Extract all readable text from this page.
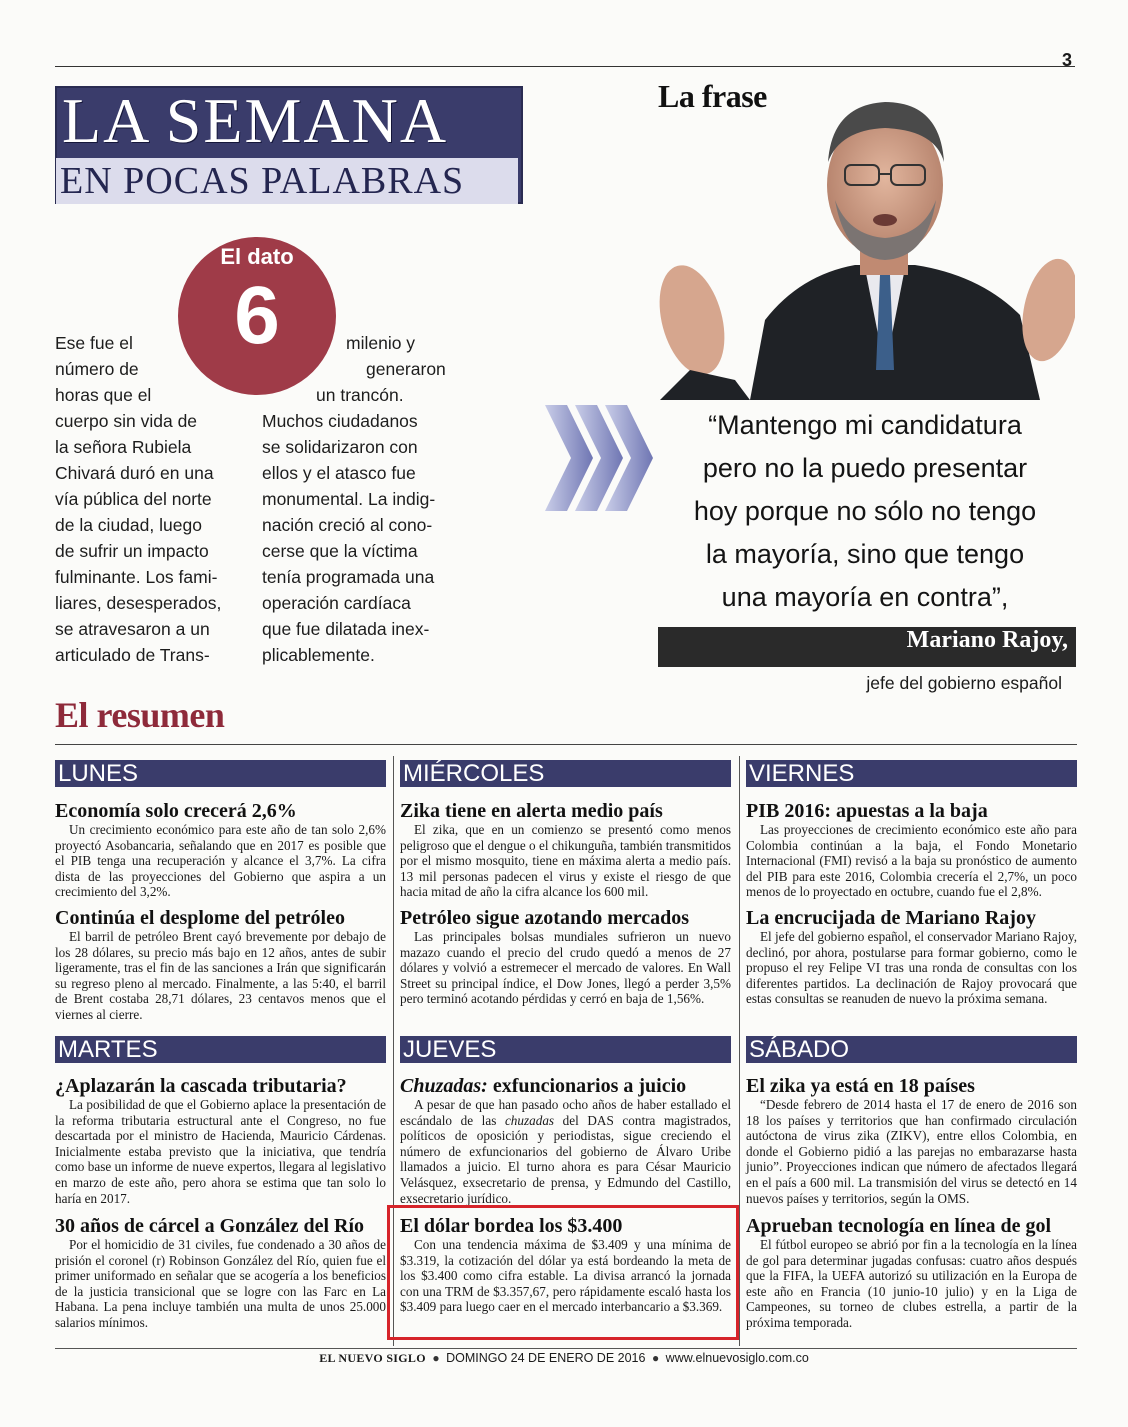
3
LA SEMANA
EN POCAS PALABRAS
El dato
6
Ese fue el
número de
horas que el
cuerpo sin vida de
la señora Rubiela
Chivará duró en una
vía pública del norte
de la ciudad, luego
de sufrir un impacto
fulminante. Los fami-
liares, desesperados,
se atravesaron a un
articulado de Trans-
milenio y
generaron
un trancón.
Muchos ciudadanos
se solidarizaron con
ellos y el atasco fue
monumental. La indig-
nación creció al cono-
cerse que la víctima
tenía programada una
operación cardíaca
que fue dilatada inex-
plicablemente.
La frase
“Mantengo mi candidatura
pero no la puedo presentar
hoy porque no sólo no tengo
la mayoría, sino que tengo
una mayoría en contra”,
Mariano Rajoy,
jefe del gobierno español
El resumen
LUNES	MIÉRCOLES	VIERNES
Economía solo crecerá 2,6%

Un crecimiento económico para este año de tan solo 2,6% proyectó Asobancaria, señalando que en 2017 es posible que el PIB tenga una recuperación y alcance el 3,7%. La cifra dista de las proyecciones del Gobierno que aspira a un crecimiento del 3,2%.

Continúa el desplome del petróleo

El barril de petróleo Brent cayó brevemente por debajo de los 28 dólares, su precio más bajo en 12 años, antes de subir ligeramente, tras el fin de las sanciones a Irán que significarán su regreso pleno al mercado. Finalmente, a las 5:40, el barril de Brent costaba 28,71 dólares, 23 centavos menos que el viernes al cierre.

Zika tiene en alerta medio país

El zika, que en un comienzo se presentó como menos peligroso que el dengue o el chikunguña, también transmitidos por el mismo mosquito, tiene en máxima alerta a medio país. 13 mil personas padecen el virus y existe el riesgo de que hacia mitad de año la cifra alcance los 600 mil.

Petróleo sigue azotando mercados

Las principales bolsas mundiales sufrieron un nuevo mazazo cuando el precio del crudo quedó a menos de 27 dólares y volvió a estremecer el mercado de valores. En Wall Street su principal índice, el Dow Jones, llegó a perder 3,5% pero terminó acotando pérdidas y cerró en baja de 1,56%.

PIB 2016: apuestas a la baja

Las proyecciones de crecimiento económico este año para Colombia continúan a la baja, el Fondo Monetario Internacional (FMI) revisó a la baja su pronóstico de aumento del PIB para este 2016, Colombia crecería el 2,7%, un poco menos de lo proyectado en octubre, cuando fue el 2,8%.

La encrucijada de Mariano Rajoy

El jefe del gobierno español, el conservador Mariano Rajoy, declinó, por ahora, postularse para formar gobierno, como le propuso el rey Felipe VI tras una ronda de consultas con los diferentes partidos. La declinación de Rajoy provocará que estas consultas se reanuden de nuevo la próxima semana.

MARTES	JUEVES	SÁBADO
¿Aplazarán la cascada tributaria?

La posibilidad de que el Gobierno aplace la presentación de la reforma tributaria estructural ante el Congreso, no fue descartada por el ministro de Hacienda, Mauricio Cárdenas. Inicialmente estaba previsto que la iniciativa, que tendría como base un informe de nueve expertos, llegara al legislativo en marzo de este año, pero ahora se estima que tan solo lo haría en 2017.

30 años de cárcel a González del Río

Por el homicidio de 31 civiles, fue condenado a 30 años de prisión el coronel (r) Robinson González del Río, quien fue el primer uniformado en señalar que se acogería a los beneficios de la justicia transicional que se logre con las Farc en La Habana. La pena incluye también una multa de unos 25.000 salarios mínimos.

Chuzadas: exfuncionarios a juicio

A pesar de que han pasado ocho años de haber estallado el escándalo de las chuzadas del DAS contra magistrados, políticos de oposición y periodistas, sigue creciendo el número de exfuncionarios del gobierno de Álvaro Uribe llamados a juicio. El turno ahora es para César Mauricio Velásquez, exsecretario de prensa, y Edmundo del Castillo, exsecretario jurídico.

El dólar bordea los $3.400

Con una tendencia máxima de $3.409 y una mínima de $3.319, la cotización del dólar ya está bordeando la meta de los $3.400 como cifra estable. La divisa arrancó la jornada con una TRM de $3.357,67, pero rápidamente escaló hasta los $3.409 para luego caer en el mercado interbancario a $3.369.

El zika ya está en 18 países

“Desde febrero de 2014 hasta el 17 de enero de 2016 son 18 los países y territorios que han confirmado circulación autóctona de virus zika (ZIKV), entre ellos Colombia, en donde el Gobierno pidió a las parejas no embarazarse hasta junio”. Proyecciones indican que número de afectados llegará en el país a 600 mil. La transmisión del virus se detectó en 14 nuevos países y territorios, según la OMS.

Aprueban tecnología en línea de gol

El fútbol europeo se abrió por fin a la tecnología en la línea de gol para determinar jugadas confusas: cuatro años después que la FIFA, la UEFA autorizó su utilización en la Europa de este año en Francia (10 junio-10 julio) y en la Liga de Campeones, su torneo de clubes estrella, a partir de la próxima temporada.

EL NUEVO SIGLO ● DOMINGO 24 DE ENERO DE 2016 ● www.elnuevosiglo.com.co
